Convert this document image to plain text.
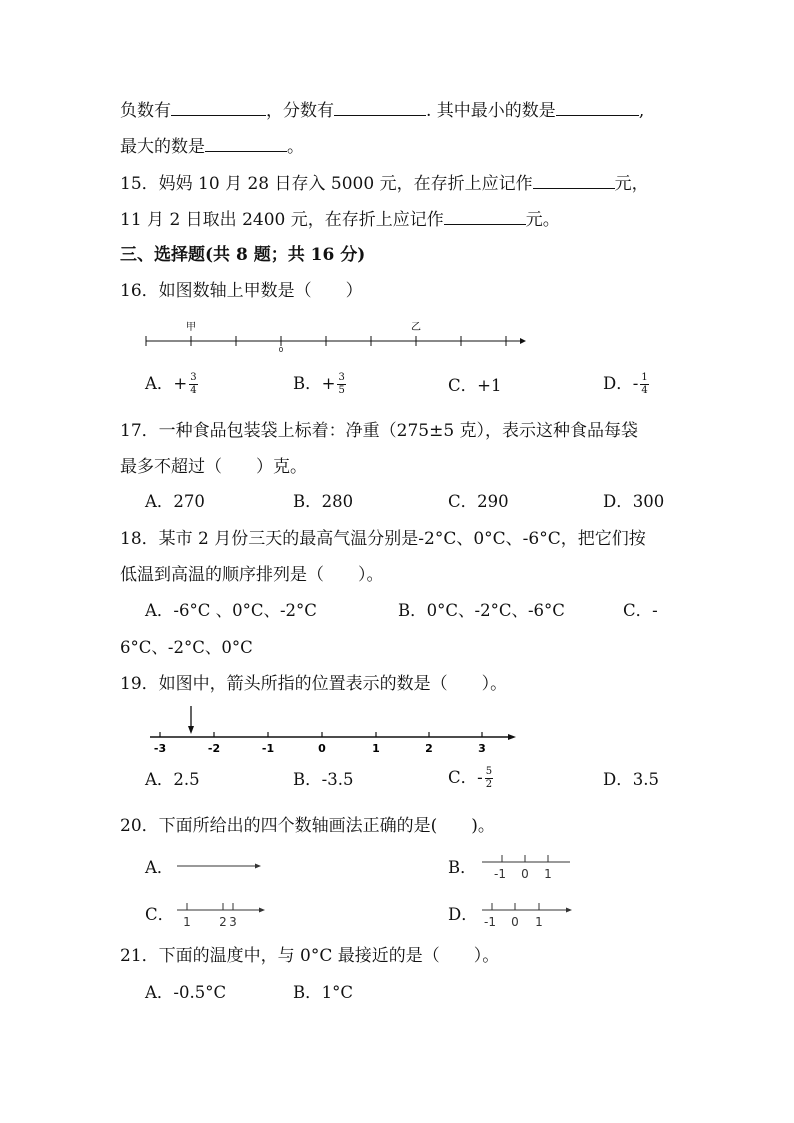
负数有	，分数有	. 其中最小的数是	,
最大的数是	。
15．妈妈 10 月 28 日存入 5000 元，在存折上应记作	元，
11 月 2 日取出 2400 元，在存折上应记作	元。
三、选择题(共 8 题；共 16 分)
16．如图数轴上甲数是（　　）
甲	乙
0
A．+ $\frac{3}{4}$	B．+ $\frac{3}{5}$	C．+1	D．- $\frac{1}{4}$
17．一种食品包装袋上标着：净重（275±5 克），表示这种食品每袋
最多不超过（　　）克。
A．270	B．280	C．290	D．300
18．某市 2 月份三天的最高气温分别是-2°C、0°C、-6°C，把它们按
低温到高温的顺序排列是（　　）。
A．-6°C 、0°C、-2°C	B．0°C、-2°C、-6°C	C．-
6°C、-2°C、0°C
19．如图中，箭头所指的位置表示的数是（　　）。
-3	-2	-1	0	1	2	3
A．2.5	B．-3.5	C．- $\frac{5}{2}$	D．3.5
20．下面所给出的四个数轴画法正确的是(　　)。
A．	B． -1 0 1
C． 1 2 3	D． -1 0 1
21．下面的温度中，与 0°C 最接近的是（　　）。
A．-0.5°C	B．1°C
